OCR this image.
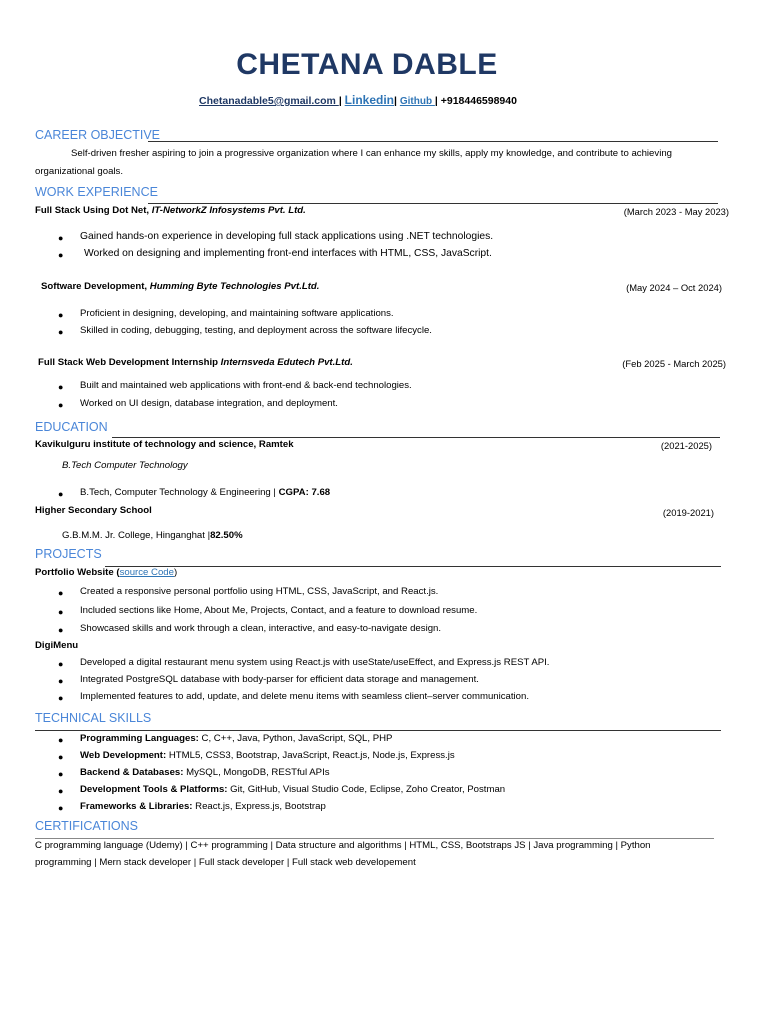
CHETANA DABLE
Chetanadable5@gmail.com | Linkedin| Github | +918446598940
CAREER OBJECTIVE
Self-driven fresher aspiring to join a progressive organization where I can enhance my skills, apply my knowledge, and contribute to achieving
organizational goals.
WORK EXPERIENCE
Full Stack Using Dot Net, IT-NetworkZ Infosystems Pvt. Ltd.	(March 2023 - May 2023)
● Gained hands-on experience in developing full stack applications using .NET technologies.
● Worked on designing and implementing front-end interfaces with HTML, CSS, JavaScript.
Software Development, Humming Byte Technologies Pvt.Ltd.	(May 2024 – Oct 2024)
● Proficient in designing, developing, and maintaining software applications.
● Skilled in coding, debugging, testing, and deployment across the software lifecycle.
Full Stack Web Development Internship Internsveda Edutech Pvt.Ltd.	(Feb 2025 - March 2025)
● Built and maintained web applications with front-end & back-end technologies.
● Worked on UI design, database integration, and deployment.
EDUCATION
Kavikulguru institute of technology and science, Ramtek	(2021-2025)
B.Tech Computer Technology
● B.Tech, Computer Technology & Engineering | CGPA: 7.68
Higher Secondary School	(2019-2021)
G.B.M.M. Jr. College, Hinganghat |82.50%
PROJECTS
Portfolio Website (source Code)
● Created a responsive personal portfolio using HTML, CSS, JavaScript, and React.js.
● Included sections like Home, About Me, Projects, Contact, and a feature to download resume.
● Showcased skills and work through a clean, interactive, and easy-to-navigate design.
DigiMenu
● Developed a digital restaurant menu system using React.js with useState/useEffect, and Express.js REST API.
● Integrated PostgreSQL database with body-parser for efficient data storage and management.
● Implemented features to add, update, and delete menu items with seamless client–server communication.
TECHNICAL SKILLS
● Programming Languages: C, C++, Java, Python, JavaScript, SQL, PHP
● Web Development: HTML5, CSS3, Bootstrap, JavaScript, React.js, Node.js, Express.js
● Backend & Databases: MySQL, MongoDB, RESTful APIs
● Development Tools & Platforms: Git, GitHub, Visual Studio Code, Eclipse, Zoho Creator, Postman
● Frameworks & Libraries: React.js, Express.js, Bootstrap
CERTIFICATIONS
C programming language (Udemy) | C++ programming | Data structure and algorithms | HTML, CSS, Bootstraps JS | Java programming | Python
programming | Mern stack developer | Full stack developer | Full stack web developement
